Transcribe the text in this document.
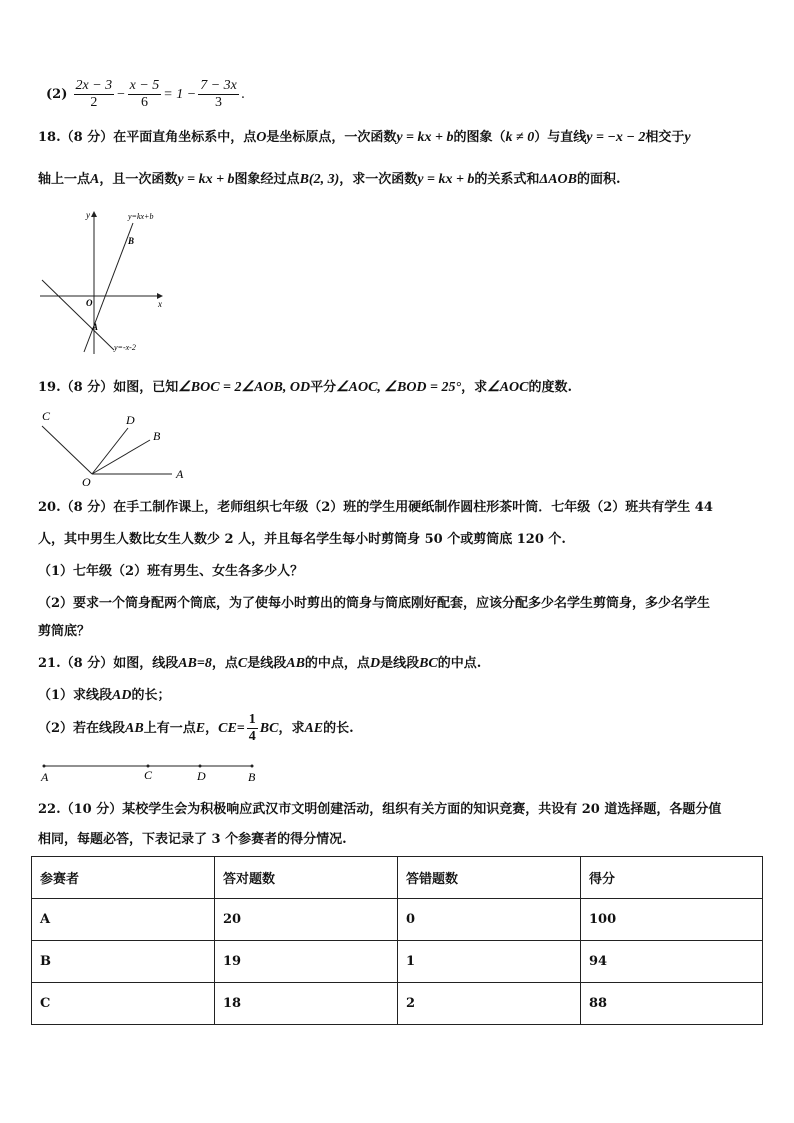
$(2) \frac{2x - 3}{2} - \frac{x - 5}{6} = 1 - \frac{7 - 3x}{3}$ .
18.（8 分）在平面直角坐标系中，点O是坐标原点，一次函数y = kx + b的图象（k ≠ 0）与直线y = −x − 2相交于y
轴上一点A，且一次函数y = kx + b图象经过点B(2, 3)，求一次函数y = kx + b的关系式和ΔAOB的面积.
y
x
O
y=kx+b
y=-x-2
A
B
19.（8 分）如图，已知∠BOC = 2∠AOB, OD平分∠AOC, ∠BOD = 25°，求∠AOC的度数.
C	D
B
A
O
20.（8 分）在手工制作课上，老师组织七年级（2）班的学生用硬纸制作圆柱形茶叶筒．七年级（2）班共有学生 44
人，其中男生人数比女生人数少 2 人，并且每名学生每小时剪筒身 50 个或剪筒底 120 个.
（1）七年级（2）班有男生、女生各多少人？
（2）要求一个筒身配两个筒底，为了使每小时剪出的筒身与筒底刚好配套，应该分配多少名学生剪筒身，多少名学生
剪筒底？
21.（8 分）如图，线段AB=8，点C是线段AB的中点，点D是线段BC的中点.
（1）求线段AD的长；
（2）若在线段AB上有一点E，$CE= \frac{1}{4}$ BC，求AE的长.
A	C	D	B
22.（10 分）某校学生会为积极响应武汉市文明创建活动，组织有关方面的知识竞赛，共设有 20 道选择题，各题分值
相同，每题必答，下表记录了 3 个参赛者的得分情况.
参赛者	答对题数	答错题数	得分
A	20	0	100
B	19	1	94
C	18	2	88
